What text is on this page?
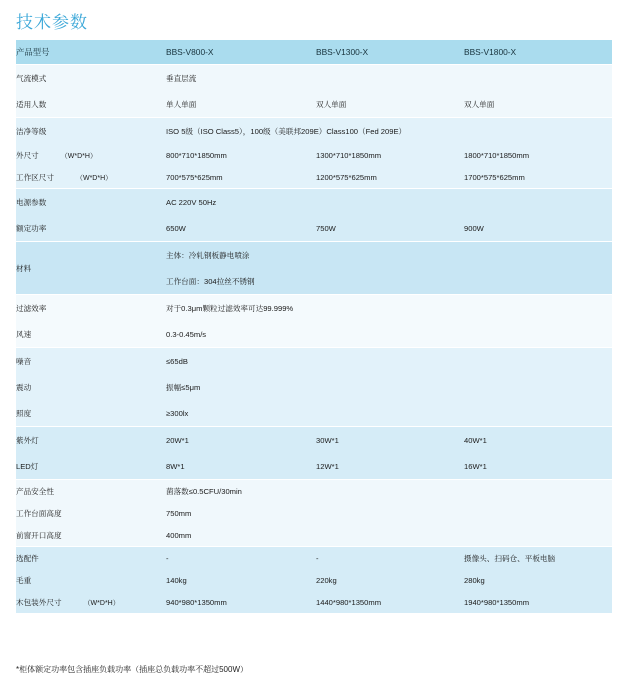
技术参数
产品型号	BBS-V800-X	BBS-V1300-X	BBS-V1800-X
气流模式	垂直层流		
适用人数	单人单面	双人单面	双人单面
洁净等级	ISO 5级（ISO Class5），100级（美联邦209E）Class100（Fed 209E）		
外尺寸 （W*D*H）	800*710*1850mm	1300*710*1850mm	1800*710*1850mm
工作区尺寸 （W*D*H）	700*575*625mm	1200*575*625mm	1700*575*625mm
电源参数	AC 220V 50Hz		
额定功率	650W	750W	900W
材料	主体：冷轧钢板静电喷涂		
	工作台面：304拉丝不锈钢		
过滤效率	对于0.3μm颗粒过滤效率可达99.999%		
风速	0.3-0.45m/s		
噪音	≤65dB		
震动	振幅≤5μm		
照度	≥300lx		
紫外灯	20W*1	30W*1	40W*1
LED灯	8W*1	12W*1	16W*1
产品安全性	菌落数≤0.5CFU/30min		
工作台面高度	750mm		
前窗开口高度	400mm		
选配件	-	-	摄像头、扫码仓、平板电脑
毛重	140kg	220kg	280kg
木包装外尺寸 （W*D*H）	940*980*1350mm	1440*980*1350mm	1940*980*1350mm
*柜体额定功率包含插座负载功率（插座总负载功率不超过500W）
